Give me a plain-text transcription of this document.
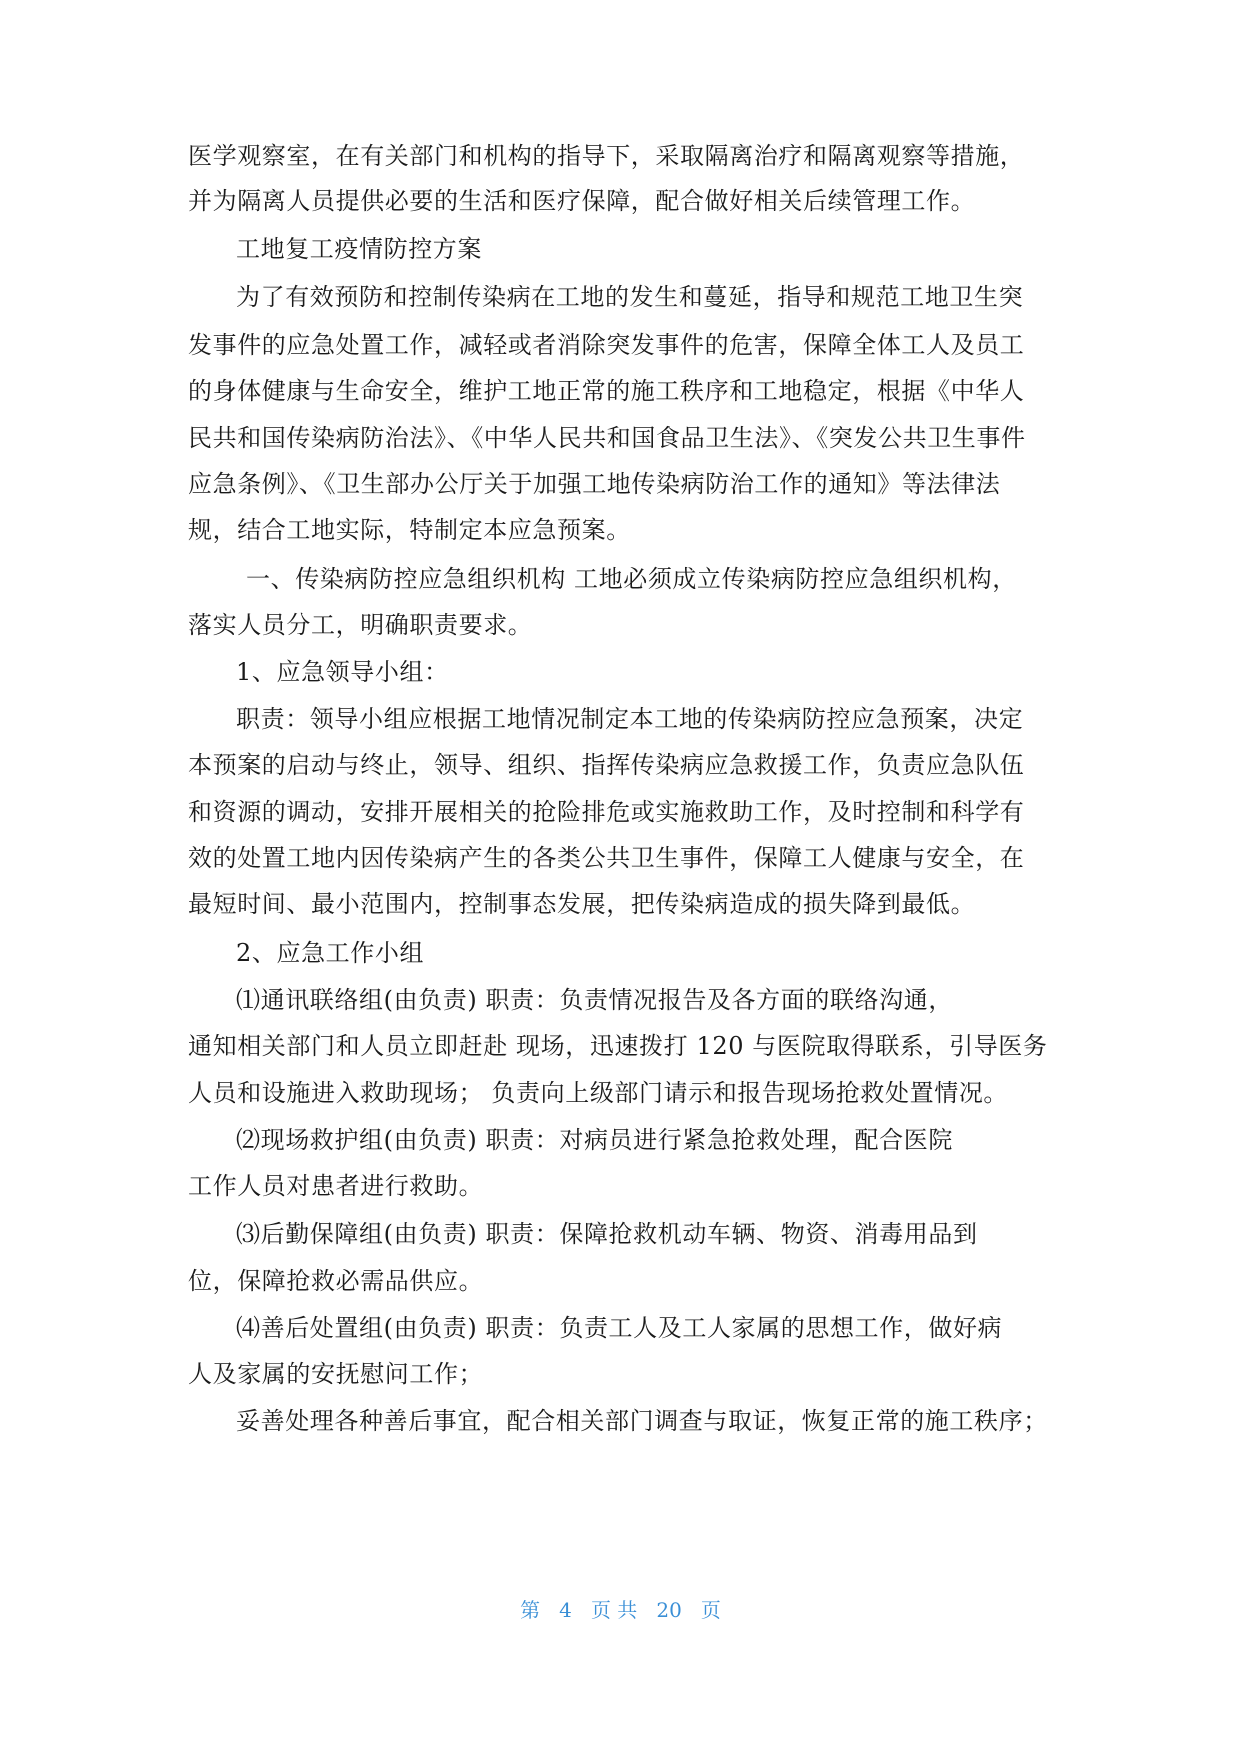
医学观察室，在有关部门和机构的指导下，采取隔离治疗和隔离观察等措施，
并为隔离人员提供必要的生活和医疗保障，配合做好相关后续管理工作。
工地复工疫情防控方案
为了有效预防和控制传染病在工地的发生和蔓延，指导和规范工地卫生突
发事件的应急处置工作，减轻或者消除突发事件的危害，保障全体工人及员工
的身体健康与生命安全，维护工地正常的施工秩序和工地稳定，根据《中华人
民共和国传染病防治法》、《中华人民共和国食品卫生法》、《突发公共卫生事件
应急条例》、《卫生部办公厅关于加强工地传染病防治工作的通知》等法律法
规，结合工地实际，特制定本应急预案。
一、传染病防控应急组织机构 工地必须成立传染病防控应急组织机构，
落实人员分工，明确职责要求。
1、应急领导小组：
职责：领导小组应根据工地情况制定本工地的传染病防控应急预案，决定
本预案的启动与终止，领导、组织、指挥传染病应急救援工作，负责应急队伍
和资源的调动，安排开展相关的抢险排危或实施救助工作，及时控制和科学有
效的处置工地内因传染病产生的各类公共卫生事件，保障工人健康与安全，在
最短时间、最小范围内，控制事态发展，把传染病造成的损失降到最低。
2、应急工作小组
⑴通讯联络组(由负责) 职责：负责情况报告及各方面的联络沟通，
通知相关部门和人员立即赶赴 现场，迅速拨打 120 与医院取得联系，引导医务
人员和设施进入救助现场； 负责向上级部门请示和报告现场抢救处置情况。
⑵现场救护组(由负责) 职责：对病员进行紧急抢救处理，配合医院
工作人员对患者进行救助。
⑶后勤保障组(由负责) 职责：保障抢救机动车辆、物资、消毒用品到
位，保障抢救必需品供应。
⑷善后处置组(由负责) 职责：负责工人及工人家属的思想工作，做好病
人及家属的安抚慰问工作；
妥善处理各种善后事宜，配合相关部门调查与取证，恢复正常的施工秩序；
第 4 页 共 20 页
